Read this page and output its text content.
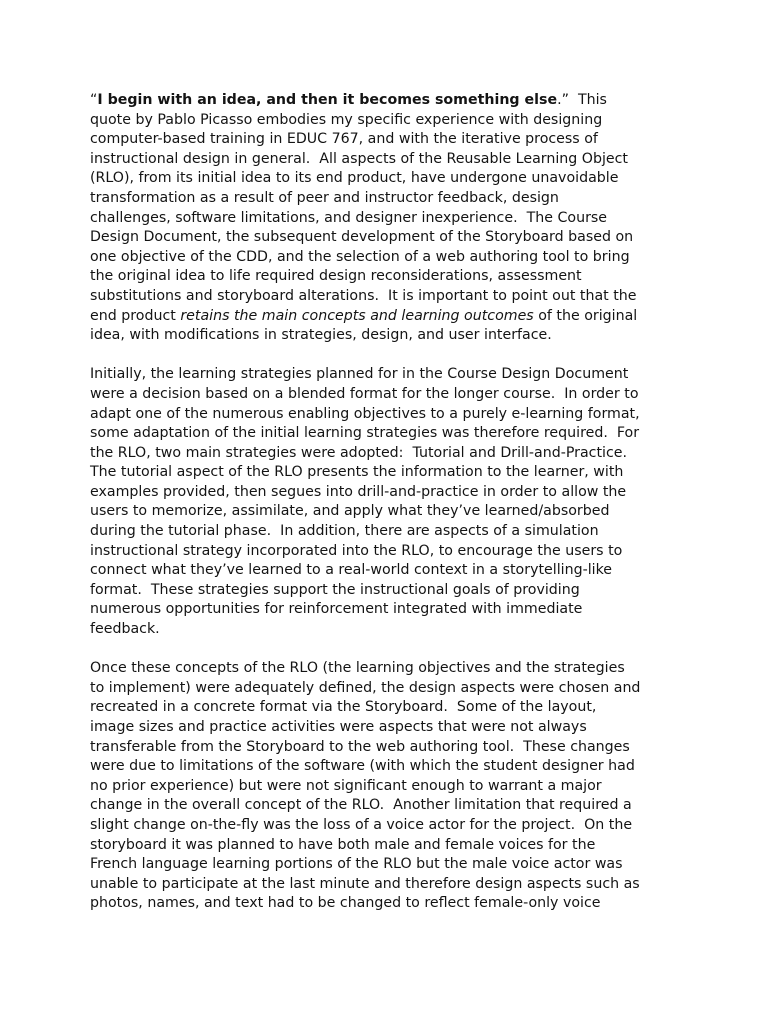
“I begin with an idea, and then it becomes something else.”  This
quote by Pablo Picasso embodies my specific experience with designing
computer-based training in EDUC 767, and with the iterative process of
instructional design in general.  All aspects of the Reusable Learning Object
(RLO), from its initial idea to its end product, have undergone unavoidable
transformation as a result of peer and instructor feedback, design
challenges, software limitations, and designer inexperience.  The Course
Design Document, the subsequent development of the Storyboard based on
one objective of the CDD, and the selection of a web authoring tool to bring
the original idea to life required design reconsiderations, assessment
substitutions and storyboard alterations.  It is important to point out that the
end product retains the main concepts and learning outcomes of the original
idea, with modifications in strategies, design, and user interface.
Initially, the learning strategies planned for in the Course Design Document
were a decision based on a blended format for the longer course.  In order to
adapt one of the numerous enabling objectives to a purely e-learning format,
some adaptation of the initial learning strategies was therefore required.  For
the RLO, two main strategies were adopted:  Tutorial and Drill-and-Practice.
The tutorial aspect of the RLO presents the information to the learner, with
examples provided, then segues into drill-and-practice in order to allow the
users to memorize, assimilate, and apply what they’ve learned/absorbed
during the tutorial phase.  In addition, there are aspects of a simulation
instructional strategy incorporated into the RLO, to encourage the users to
connect what they’ve learned to a real-world context in a storytelling-like
format.  These strategies support the instructional goals of providing
numerous opportunities for reinforcement integrated with immediate
feedback.
Once these concepts of the RLO (the learning objectives and the strategies
to implement) were adequately defined, the design aspects were chosen and
recreated in a concrete format via the Storyboard.  Some of the layout,
image sizes and practice activities were aspects that were not always
transferable from the Storyboard to the web authoring tool.  These changes
were due to limitations of the software (with which the student designer had
no prior experience) but were not significant enough to warrant a major
change in the overall concept of the RLO.  Another limitation that required a
slight change on-the-fly was the loss of a voice actor for the project.  On the
storyboard it was planned to have both male and female voices for the
French language learning portions of the RLO but the male voice actor was
unable to participate at the last minute and therefore design aspects such as
photos, names, and text had to be changed to reflect female-only voice
